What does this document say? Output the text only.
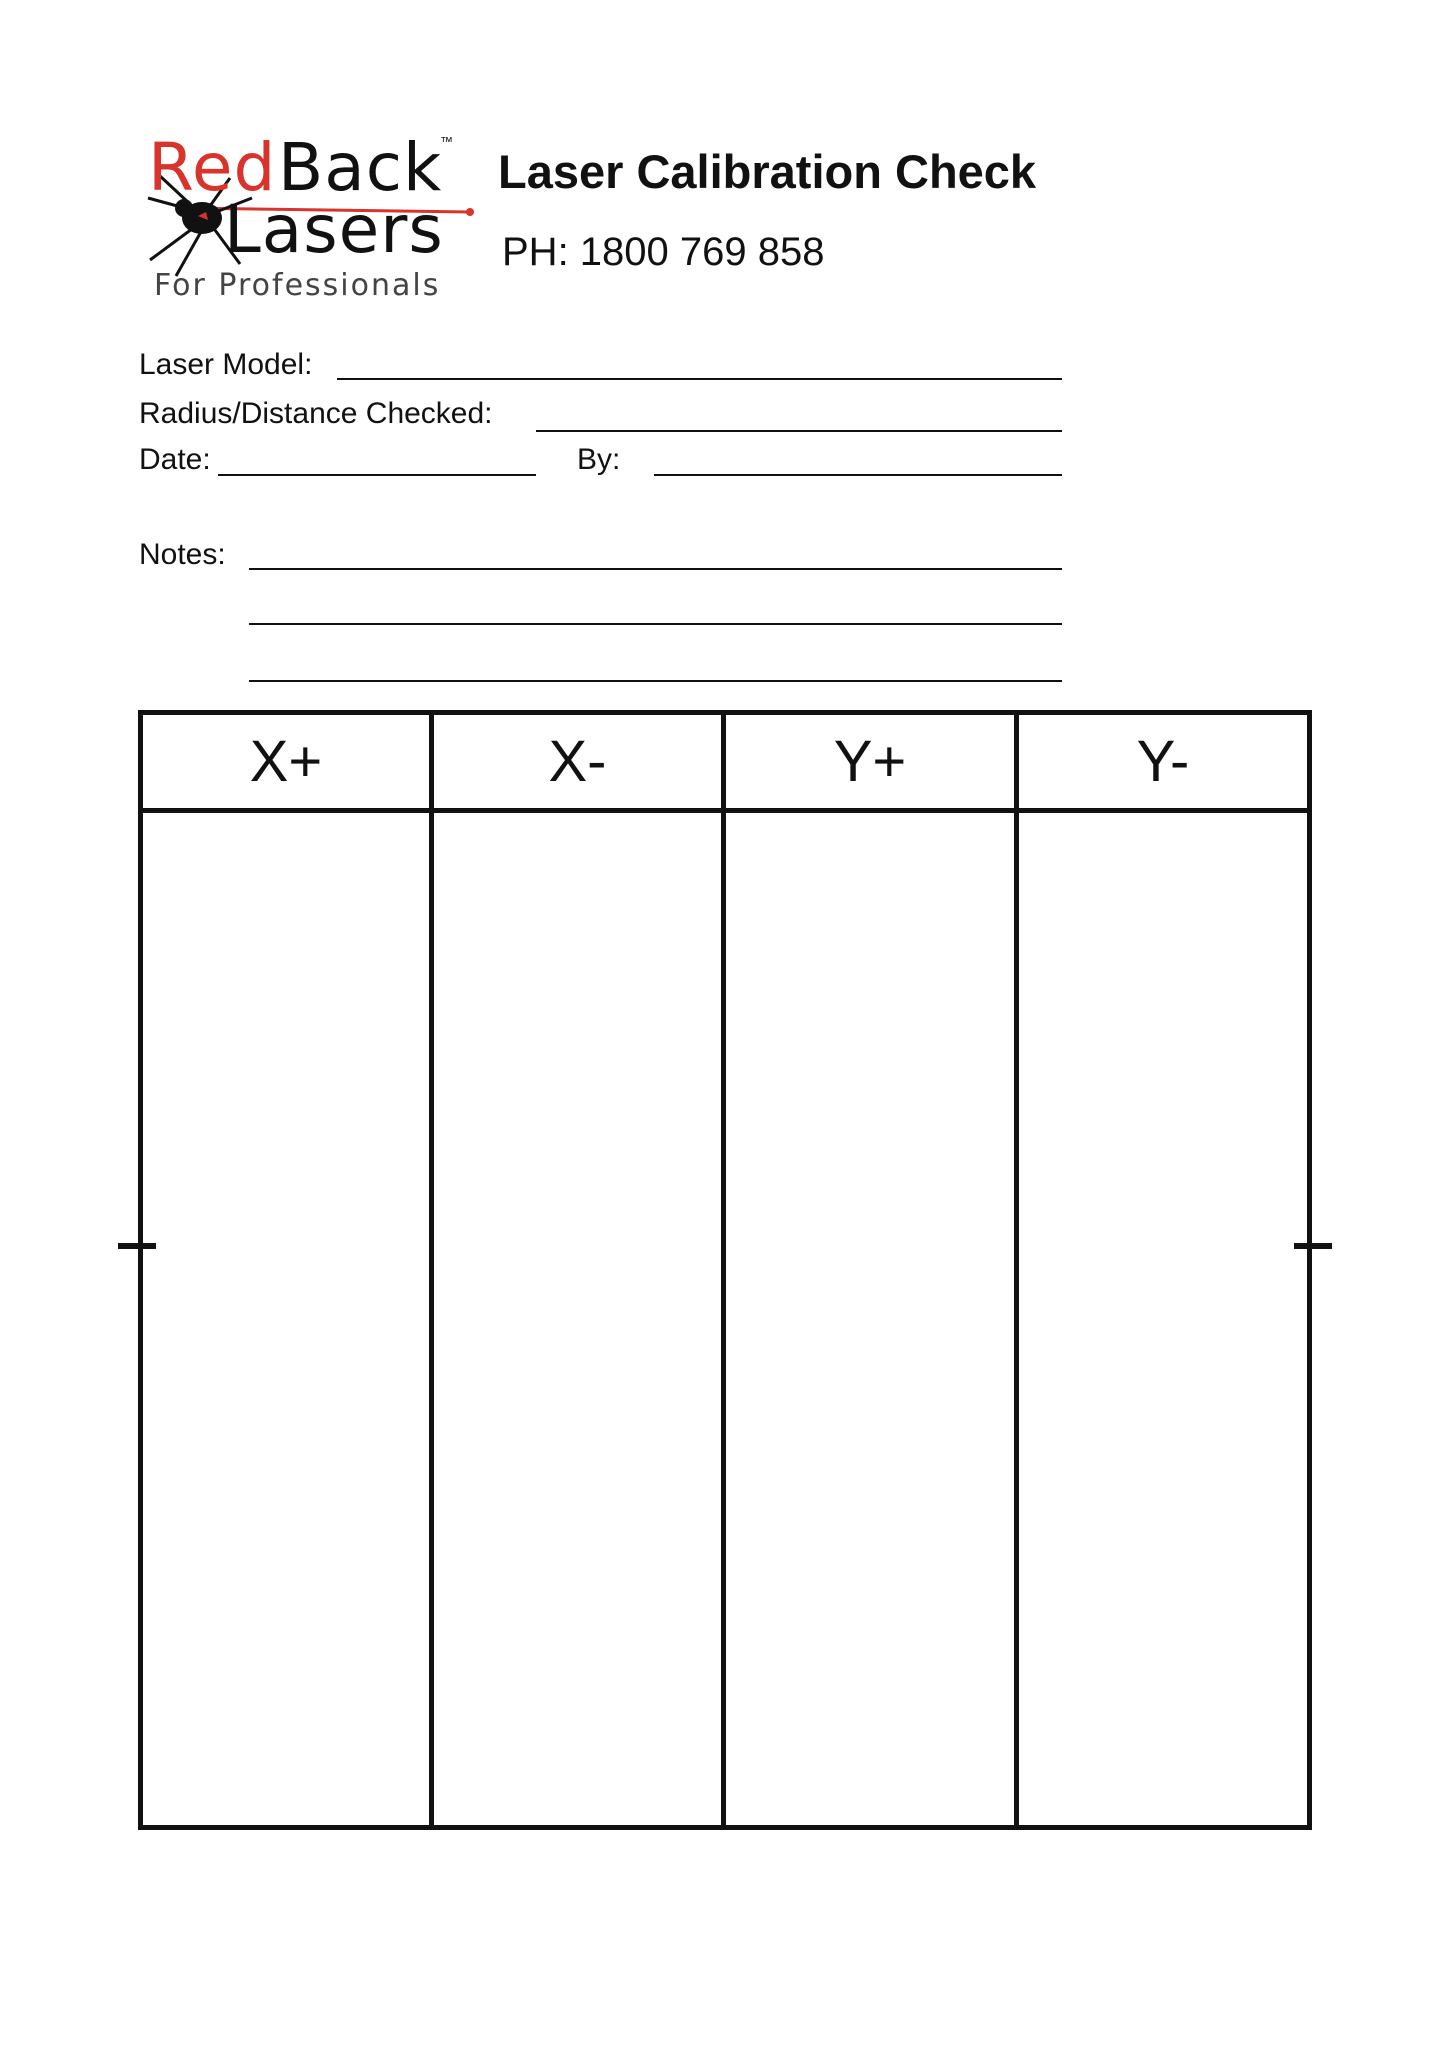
Red Back
™
Lasers
For Professionals
Laser Calibration Check
PH: 1800 769 858
Laser Model:
Radius/Distance Checked:
Date:	By:
Notes:
X+	X-	Y+	Y-
